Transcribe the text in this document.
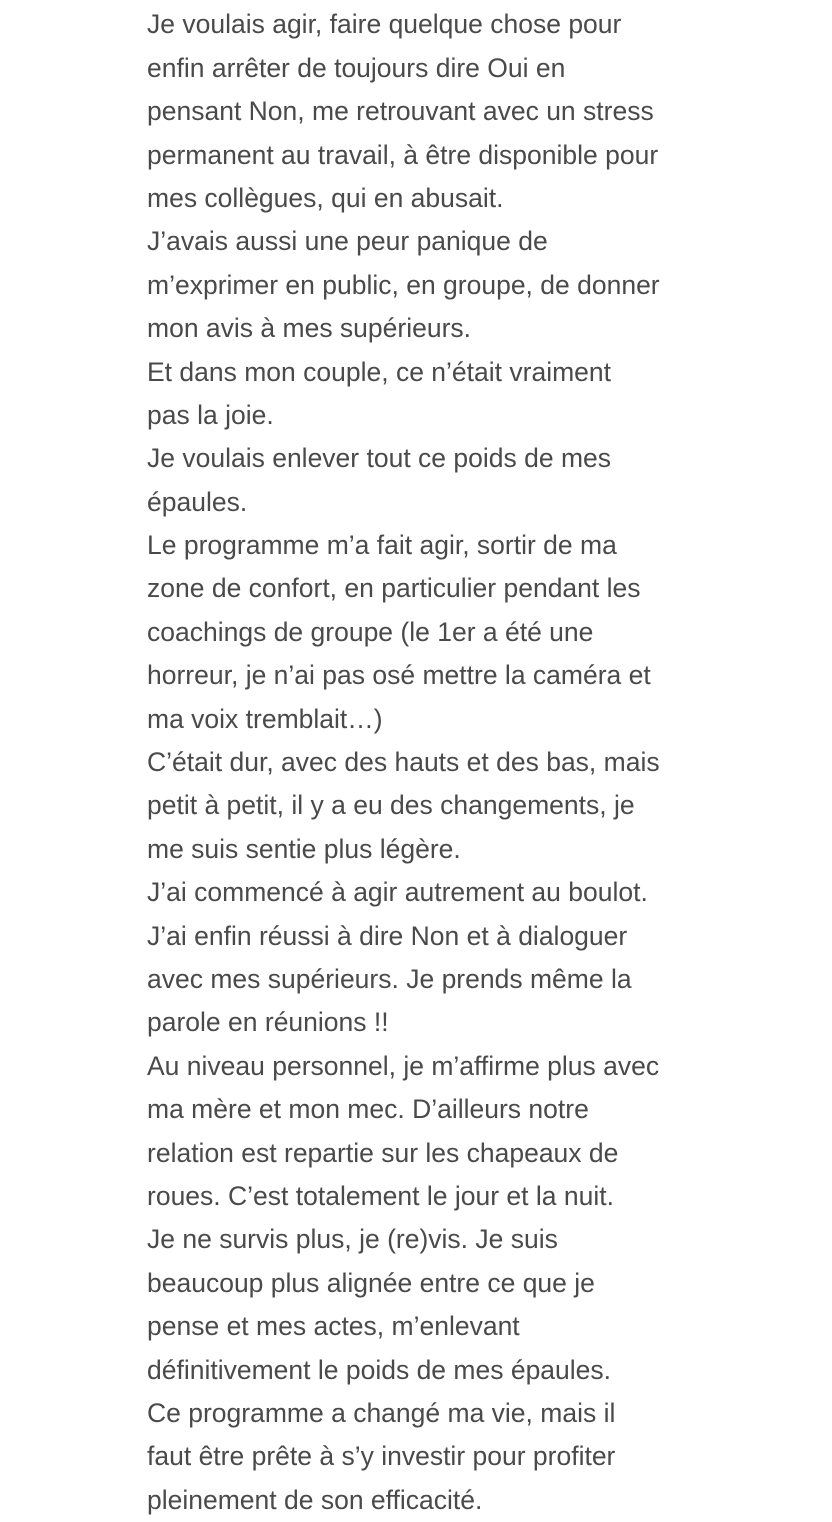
Je voulais agir, faire quelque chose pour
enfin arrêter de toujours dire Oui en
pensant Non, me retrouvant avec un stress
permanent au travail, à être disponible pour
mes collègues, qui en abusait.
J’avais aussi une peur panique de
m’exprimer en public, en groupe, de donner
mon avis à mes supérieurs.
Et dans mon couple, ce n’était vraiment
pas la joie.
Je voulais enlever tout ce poids de mes
épaules.
Le programme m’a fait agir, sortir de ma
zone de confort, en particulier pendant les
coachings de groupe (le 1er a été une
horreur, je n’ai pas osé mettre la caméra et
ma voix tremblait…)
C’était dur, avec des hauts et des bas, mais
petit à petit, il y a eu des changements, je
me suis sentie plus légère.
J’ai commencé à agir autrement au boulot.
J’ai enfin réussi à dire Non et à dialoguer
avec mes supérieurs. Je prends même la
parole en réunions !!
Au niveau personnel, je m’affirme plus avec
ma mère et mon mec. D’ailleurs notre
relation est repartie sur les chapeaux de
roues. C’est totalement le jour et la nuit.
Je ne survis plus, je (re)vis. Je suis
beaucoup plus alignée entre ce que je
pense et mes actes, m’enlevant
définitivement le poids de mes épaules.
Ce programme a changé ma vie, mais il
faut être prête à s’y investir pour profiter
pleinement de son efficacité.
